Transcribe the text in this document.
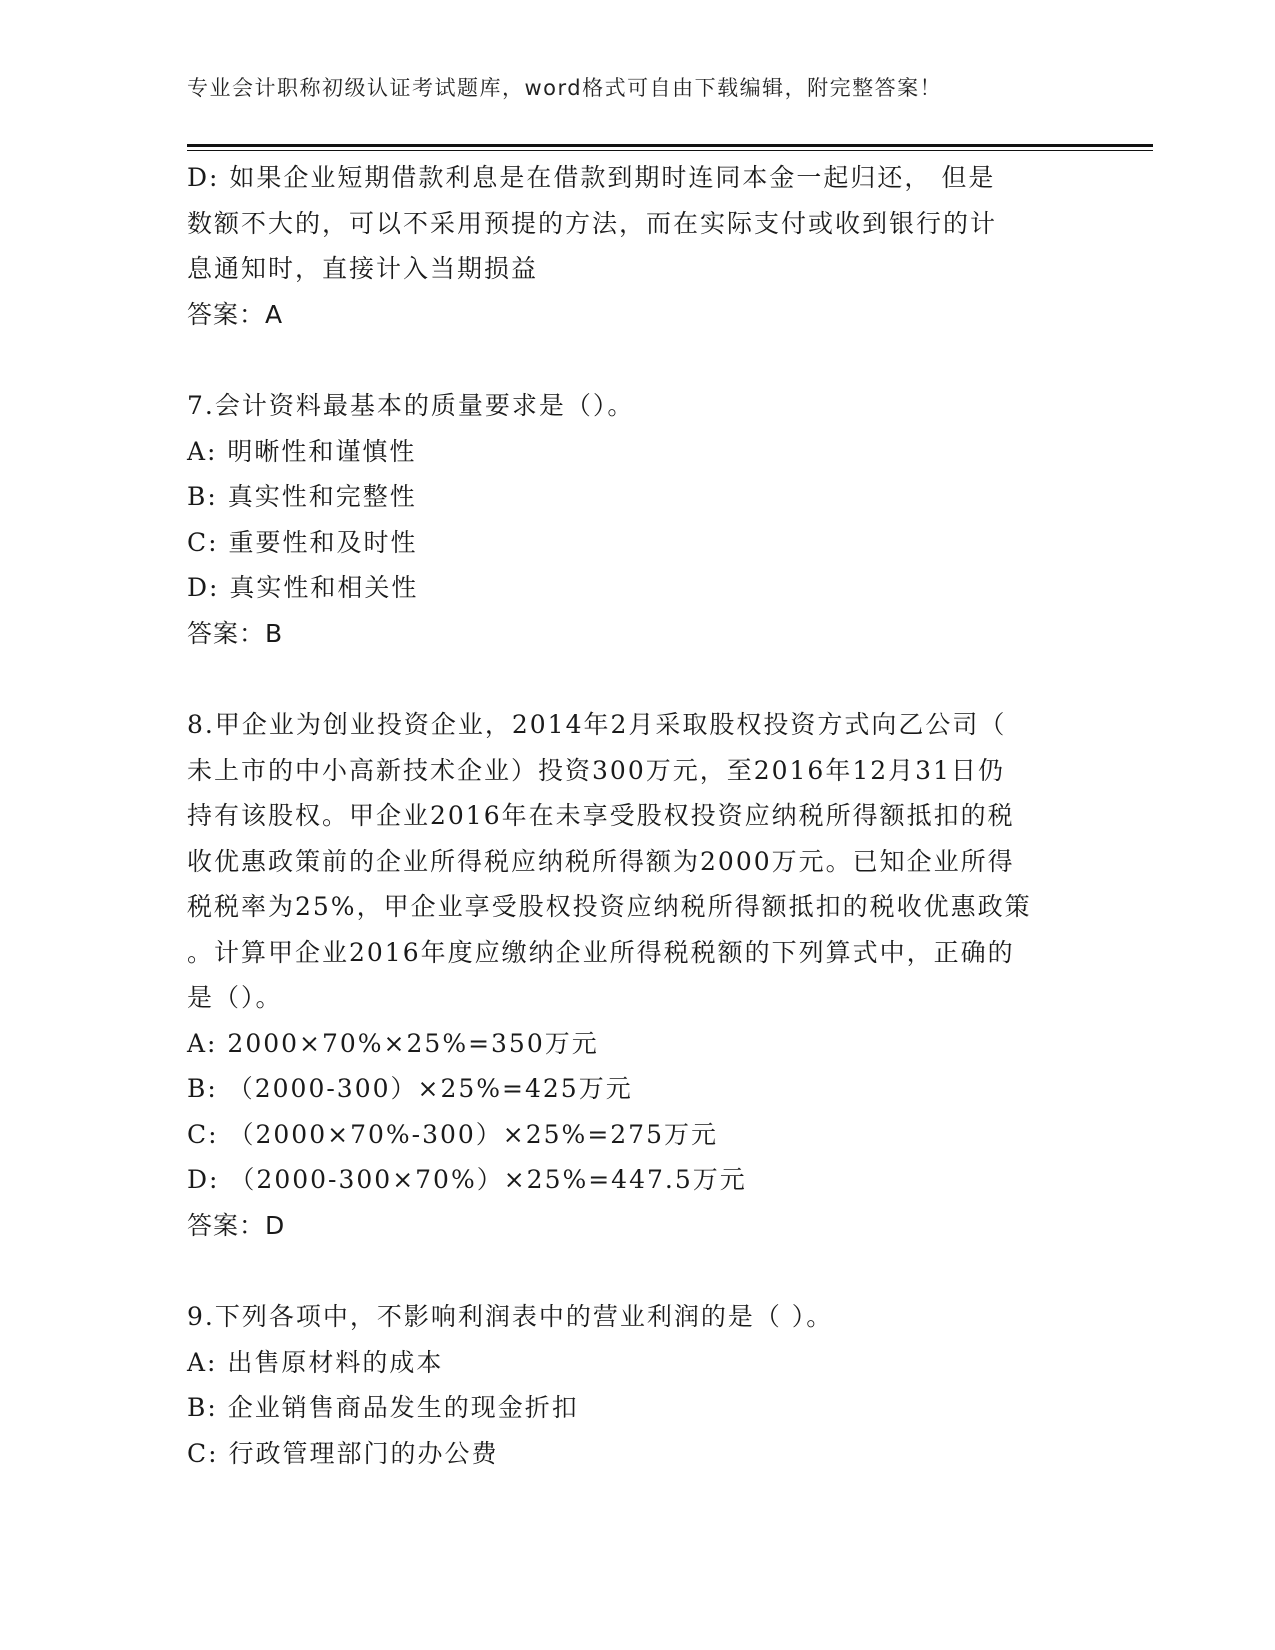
专业会计职称初级认证考试题库，word格式可自由下载编辑，附完整答案！
D: 如果企业短期借款利息是在借款到期时连同本金一起归还， 但是
数额不大的，可以不采用预提的方法，而在实际支付或收到银行的计
息通知时，直接计入当期损益
答案：A
7.会计资料最基本的质量要求是（）。
A: 明晰性和谨慎性
B: 真实性和完整性
C: 重要性和及时性
D: 真实性和相关性
答案：B
8.甲企业为创业投资企业，2014年2月采取股权投资方式向乙公司（
未上市的中小高新技术企业）投资300万元，至2016年12月31日仍
持有该股权。甲企业2016年在未享受股权投资应纳税所得额抵扣的税
收优惠政策前的企业所得税应纳税所得额为2000万元。已知企业所得
税税率为25%，甲企业享受股权投资应纳税所得额抵扣的税收优惠政策
。计算甲企业2016年度应缴纳企业所得税税额的下列算式中，正确的
是（）。
A: 2000×70%×25%=350万元
B: （2000-300）×25%=425万元
C: （2000×70%-300）×25%=275万元
D: （2000-300×70%）×25%=447.5万元
答案：D
9.下列各项中，不影响利润表中的营业利润的是（ ）。
A: 出售原材料的成本
B: 企业销售商品发生的现金折扣
C: 行政管理部门的办公费
